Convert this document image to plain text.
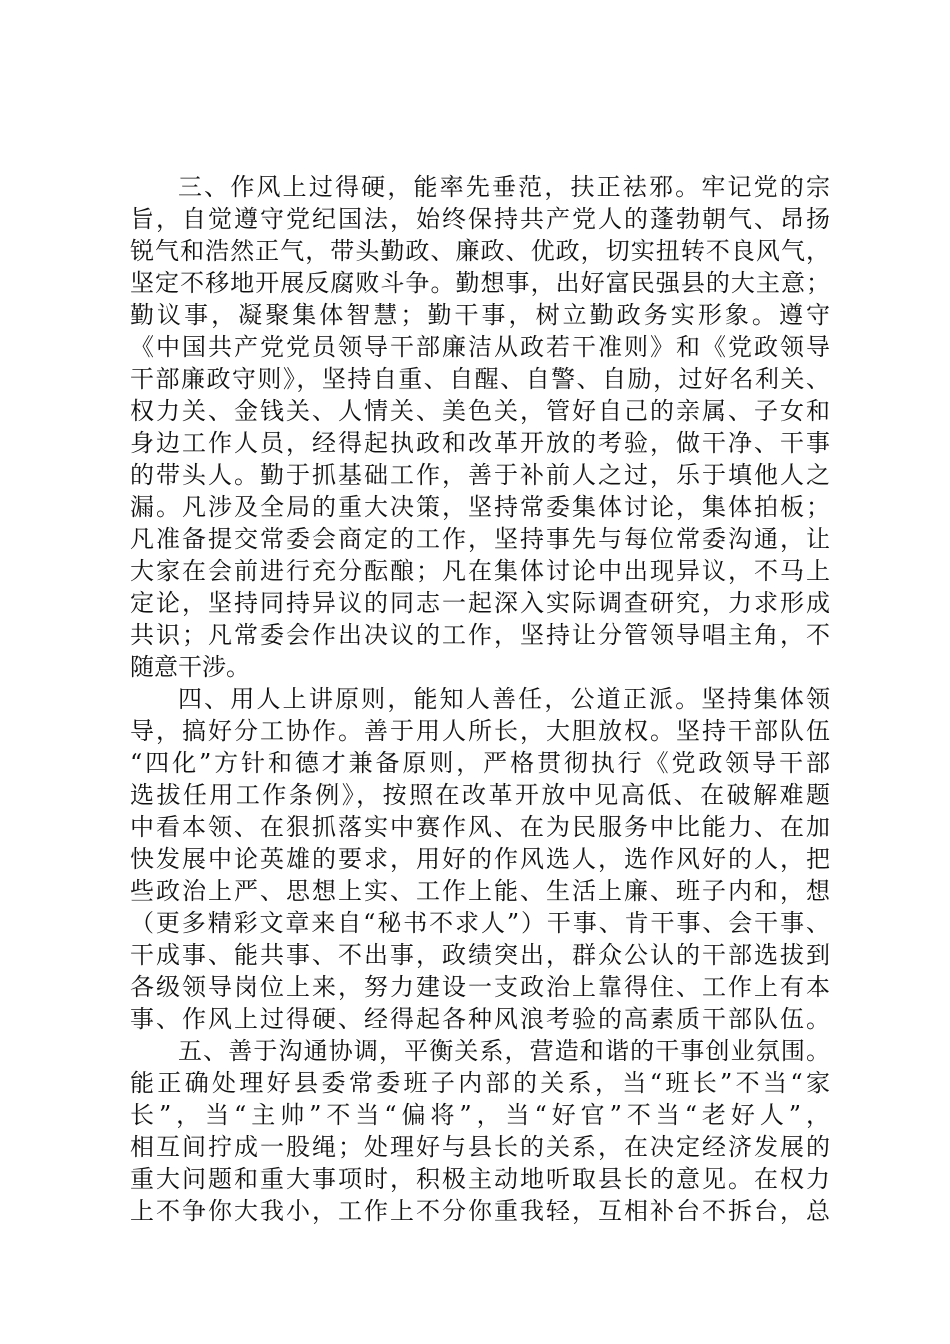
三、作风上过得硬，能率先垂范，扶正祛邪。牢记党的宗

旨，自觉遵守党纪国法，始终保持共产党人的蓬勃朝气、昂扬

锐气和浩然正气，带头勤政、廉政、优政，切实扭转不良风气，

坚定不移地开展反腐败斗争。勤想事，出好富民强县的大主意；

勤议事，凝聚集体智慧；勤干事，树立勤政务实形象。遵守

《中国共产党党员领导干部廉洁从政若干准则》和《党政领导

干部廉政守则》，坚持自重、自醒、自警、自励，过好名利关、

权力关、金钱关、人情关、美色关，管好自己的亲属、子女和

身边工作人员，经得起执政和改革开放的考验，做干净、干事

的带头人。勤于抓基础工作，善于补前人之过，乐于填他人之

漏。凡涉及全局的重大决策，坚持常委集体讨论，集体拍板；

凡准备提交常委会商定的工作，坚持事先与每位常委沟通，让

大家在会前进行充分酝酿；凡在集体讨论中出现异议，不马上

定论，坚持同持异议的同志一起深入实际调查研究，力求形成

共识；凡常委会作出决议的工作，坚持让分管领导唱主角，不

随意干涉。

四、用人上讲原则，能知人善任，公道正派。坚持集体领

导，搞好分工协作。善于用人所长，大胆放权。坚持干部队伍

“四化”方针和德才兼备原则，严格贯彻执行《党政领导干部

选拔任用工作条例》，按照在改革开放中见高低、在破解难题

中看本领、在狠抓落实中赛作风、在为民服务中比能力、在加

快发展中论英雄的要求，用好的作风选人，选作风好的人，把

些政治上严、思想上实、工作上能、生活上廉、班子内和，想

（更多精彩文章来自“秘书不求人”）干事、肯干事、会干事、

干成事、能共事、不出事，政绩突出，群众公认的干部选拔到

各级领导岗位上来，努力建设一支政治上靠得住、工作上有本

事、作风上过得硬、经得起各种风浪考验的高素质干部队伍。

五、善于沟通协调，平衡关系，营造和谐的干事创业氛围。

能正确处理好县委常委班子内部的关系，当“班长”不当“家

长”，当“主帅”不当“偏将”，当“好官”不当“老好人”，

相互间拧成一股绳；处理好与县长的关系，在决定经济发展的

重大问题和重大事项时，积极主动地听取县长的意见。在权力

上不争你大我小，工作上不分你重我轻，互相补台不拆台，总
